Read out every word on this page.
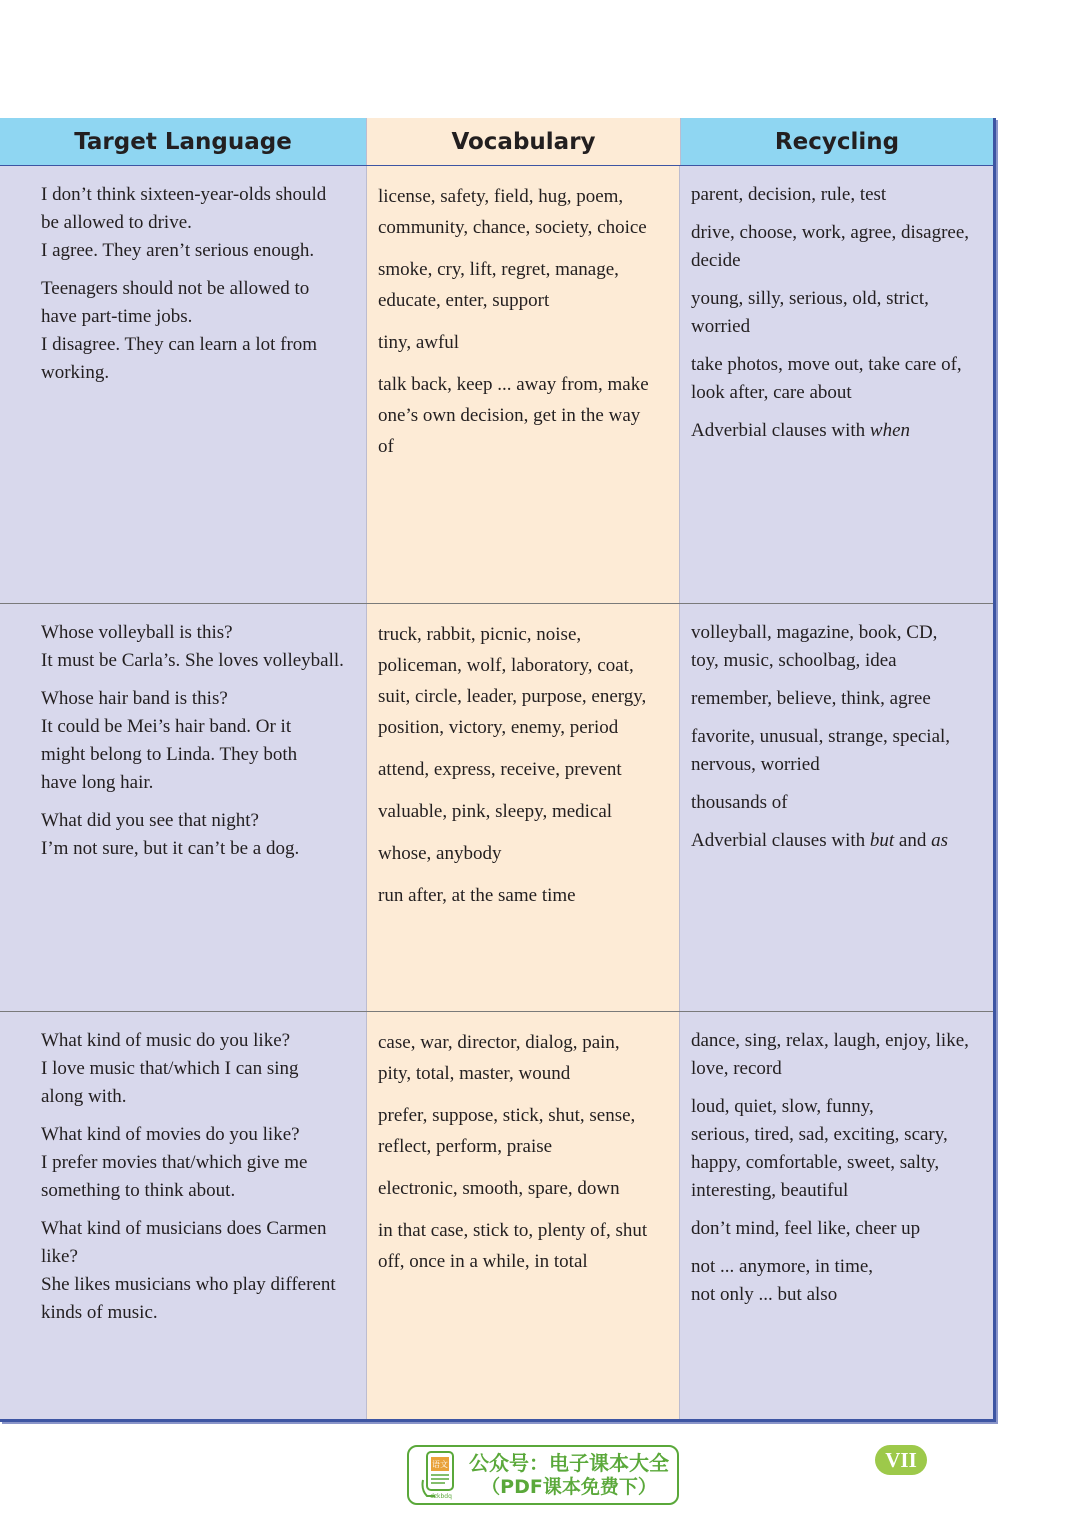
Target Language	Vocabulary	Recycling
I don’t think sixteen-year-olds should
be allowed to drive.
I agree. They aren’t serious enough.
Teenagers should not be allowed to
have part-time jobs.
I disagree. They can learn a lot from
working.
license, safety, field, hug, poem,
community, chance, society, choice
smoke, cry, lift, regret, manage,
educate, enter, support
tiny, awful
talk back, keep ... away from, make
one’s own decision, get in the way
of
parent, decision, rule, test
drive, choose, work, agree, disagree,
decide
young, silly, serious, old, strict,
worried
take photos, move out, take care of,
look after, care about
Adverbial clauses with when
Whose volleyball is this?
It must be Carla’s. She loves volleyball.
Whose hair band is this?
It could be Mei’s hair band. Or it
might belong to Linda. They both
have long hair.
What did you see that night?
I’m not sure, but it can’t be a dog.
truck, rabbit, picnic, noise,
policeman, wolf, laboratory, coat,
suit, circle, leader, purpose, energy,
position, victory, enemy, period
attend, express, receive, prevent
valuable, pink, sleepy, medical
whose, anybody
run after, at the same time
volleyball, magazine, book, CD,
toy, music, schoolbag, idea
remember, believe, think, agree
favorite, unusual, strange, special,
nervous, worried
thousands of
Adverbial clauses with but and as
What kind of music do you like?
I love music that/which I can sing
along with.
What kind of movies do you like?
I prefer movies that/which give me
something to think about.
What kind of musicians does Carmen
like?
She likes musicians who play different
kinds of music.
case, war, director, dialog, pain,
pity, total, master, wound
prefer, suppose, stick, shut, sense,
reflect, perform, praise
electronic, smooth, spare, down
in that case, stick to, plenty of, shut
off, once in a while, in total
dance, sing, relax, laugh, enjoy, like,
love, record
loud, quiet, slow, funny,
serious, tired, sad, exciting, scary,
happy, comfortable, sweet, salty,
interesting, beautiful
don’t mind, feel like, cheer up
not ... anymore, in time,
not only ... but also
语文
dzkbdq
公众号：电子课本大全
（PDF课本免费下）
VII
